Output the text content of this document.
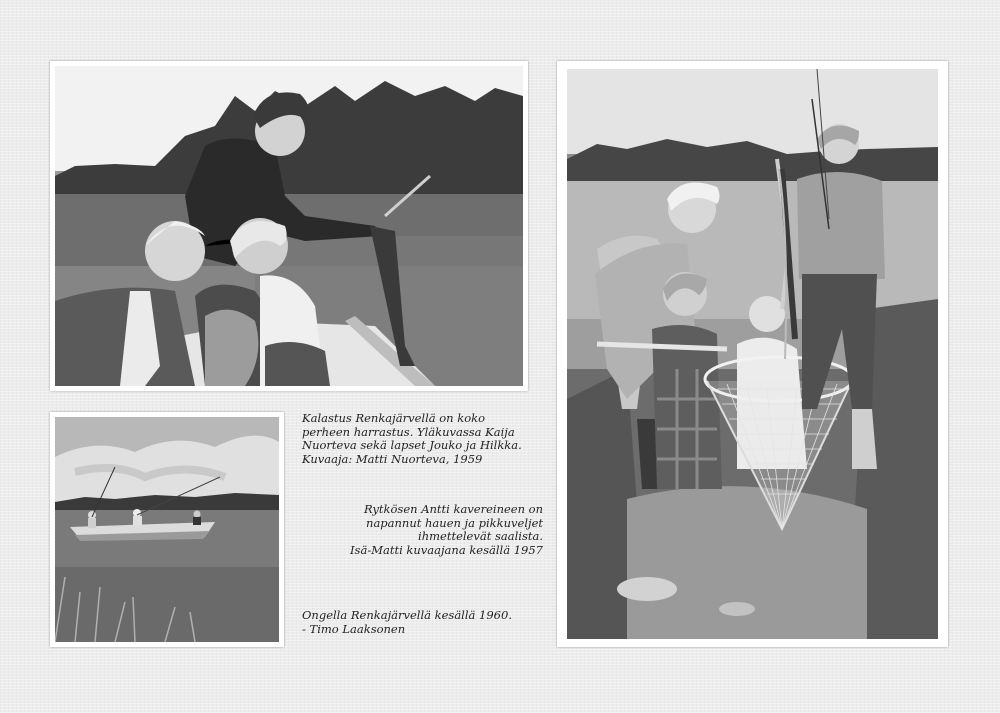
Kalastus Renkajärvellä on koko
perheen harrastus. Yläkuvassa Kaija
Nuorteva sekä lapset Jouko ja Hilkka.
Kuvaaja: Matti Nuorteva, 1959
Rytkösen Antti kavereineen on
napannut hauen ja pikkuveljet
ihmettelevät saalista.
Isä-Matti kuvaajana kesällä 1957
Ongella Renkajärvellä kesällä 1960.
- Timo Laaksonen
